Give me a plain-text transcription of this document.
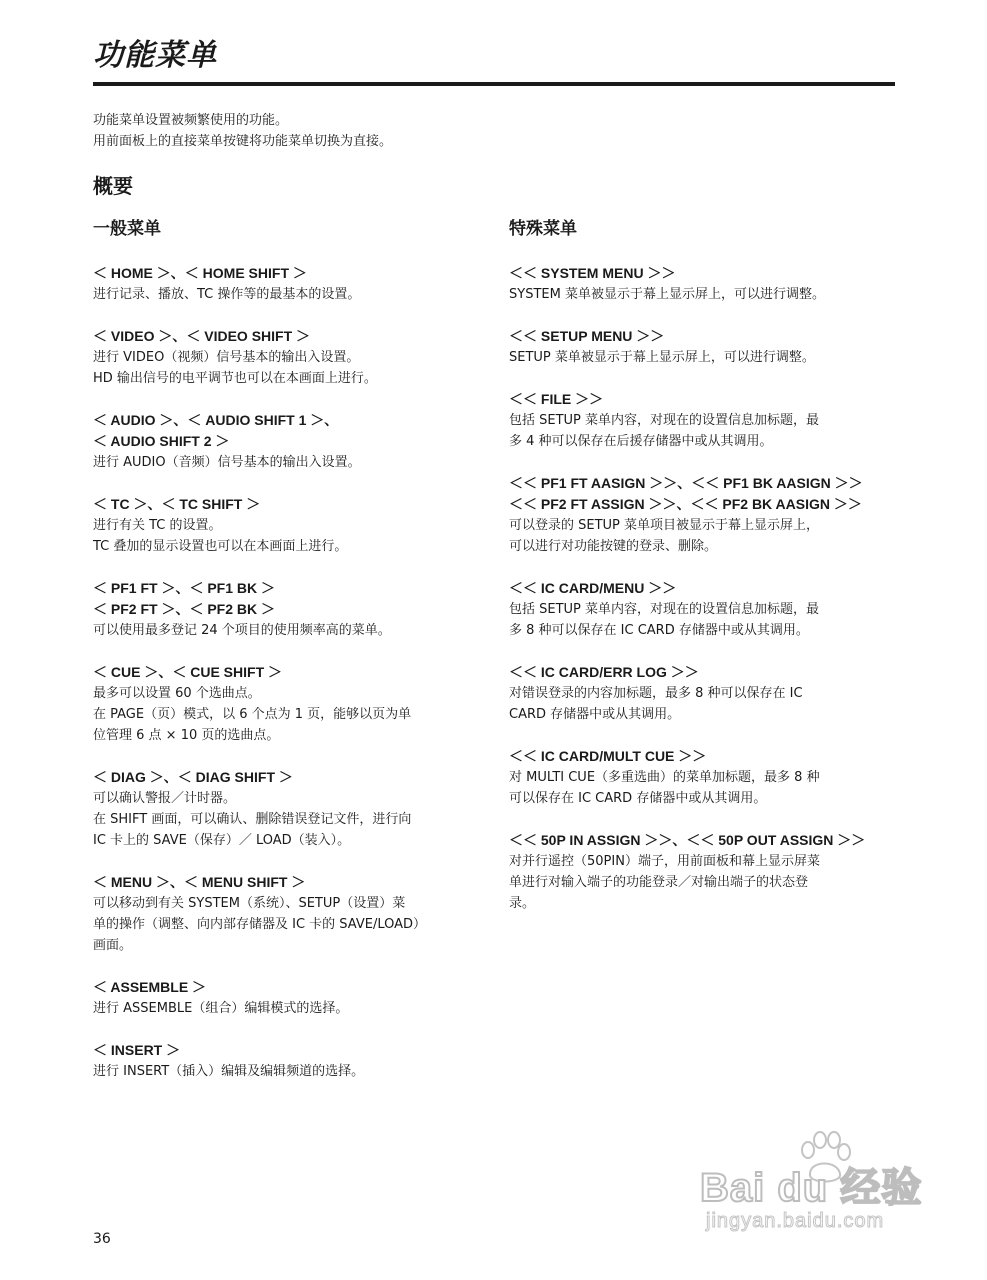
功能菜单

功能菜单设置被频繁使用的功能。

用前面板上的直接菜单按键将功能菜单切换为直接。

概要
一般菜单

＜ HOME ＞、＜ HOME SHIFT ＞

进行记录、播放、TC 操作等的最基本的设置。

＜ VIDEO ＞、＜ VIDEO SHIFT ＞

进行 VIDEO（视频）信号基本的输出入设置。

HD 输出信号的电平调节也可以在本画面上进行。

＜ AUDIO ＞、＜ AUDIO SHIFT 1 ＞、

＜ AUDIO SHIFT 2 ＞

进行 AUDIO（音频）信号基本的输出入设置。

＜ TC ＞、＜ TC SHIFT ＞

进行有关 TC 的设置。

TC 叠加的显示设置也可以在本画面上进行。

＜ PF1 FT ＞、＜ PF1 BK ＞

＜ PF2 FT ＞、＜ PF2 BK ＞

可以使用最多登记 24 个项目的使用频率高的菜单。

＜ CUE ＞、＜ CUE SHIFT ＞

最多可以设置 60 个选曲点。

在 PAGE（页）模式，以 6 个点为 1 页，能够以页为单

位管理 6 点 × 10 页的选曲点。

＜ DIAG ＞、＜ DIAG SHIFT ＞

可以确认警报／计时器。

在 SHIFT 画面，可以确认、删除错误登记文件，进行向

IC 卡上的 SAVE（保存）／ LOAD（装入）。

＜ MENU ＞、＜ MENU SHIFT ＞

可以移动到有关 SYSTEM（系统）、SETUP（设置）菜

单的操作（调整、向内部存储器及 IC 卡的 SAVE/LOAD）

画面。

＜ ASSEMBLE ＞

进行 ASSEMBLE（组合）编辑模式的选择。

＜ INSERT ＞

进行 INSERT（插入）编辑及编辑频道的选择。

特殊菜单

＜＜ SYSTEM MENU ＞＞

SYSTEM 菜单被显示于幕上显示屏上，可以进行调整。

＜＜ SETUP MENU ＞＞

SETUP 菜单被显示于幕上显示屏上，可以进行调整。

＜＜ FILE ＞＞

包括 SETUP 菜单内容，对现在的设置信息加标题，最

多 4 种可以保存在后援存储器中或从其调用。

＜＜ PF1 FT AASIGN ＞＞、＜＜ PF1 BK AASIGN ＞＞

＜＜ PF2 FT ASSIGN ＞＞、＜＜ PF2 BK AASIGN ＞＞

可以登录的 SETUP 菜单项目被显示于幕上显示屏上，

可以进行对功能按键的登录、删除。

＜＜ IC CARD/MENU ＞＞

包括 SETUP 菜单内容，对现在的设置信息加标题，最

多 8 种可以保存在 IC CARD 存储器中或从其调用。

＜＜ IC CARD/ERR LOG ＞＞

对错误登录的内容加标题，最多 8 种可以保存在 IC

CARD 存储器中或从其调用。

＜＜ IC CARD/MULT CUE ＞＞

对 MULTI CUE（多重选曲）的菜单加标题，最多 8 种

可以保存在 IC CARD 存储器中或从其调用。

＜＜ 50P IN ASSIGN ＞＞、＜＜ 50P OUT ASSIGN ＞＞

对并行遥控（50PIN）端子，用前面板和幕上显示屏菜

单进行对输入端子的功能登录／对输出端子的状态登

录。

36
Bai du 经验
jingyan.baidu.com
